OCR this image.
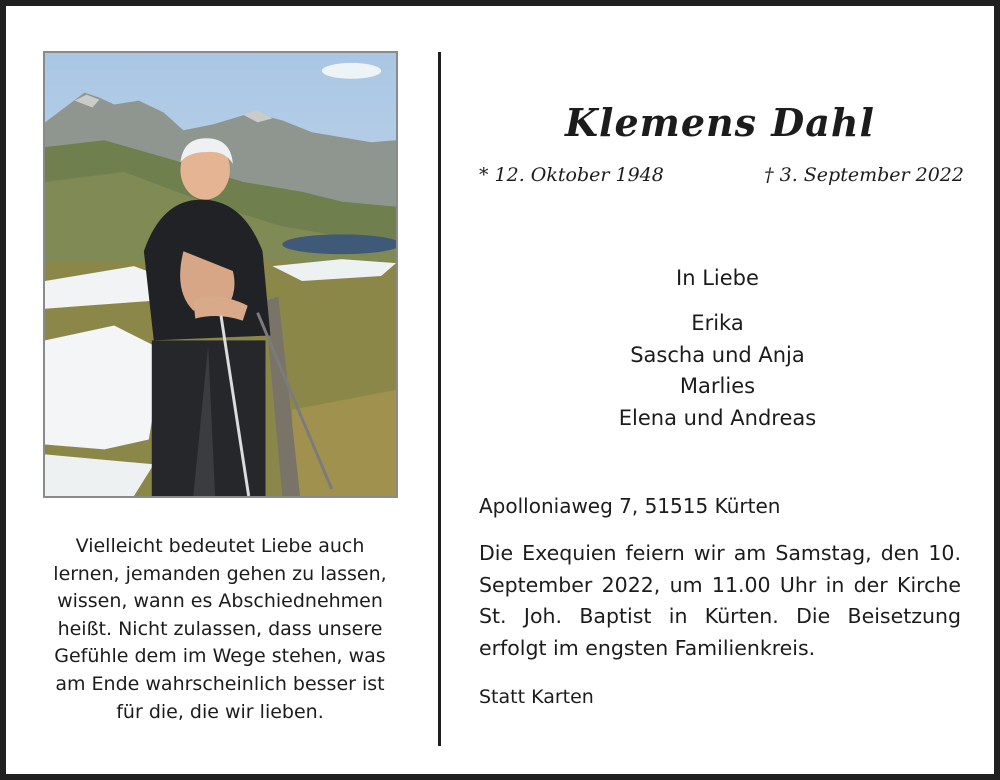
Vielleicht bedeutet Liebe auch
lernen, jemanden gehen zu lassen,
wissen, wann es Abschiednehmen
heißt. Nicht zulassen, dass unsere
Gefühle dem im Wege stehen, was
am Ende wahrscheinlich besser ist
für die, die wir lieben.

Klemens Dahl
* 12. Oktober 1948	† 3. September 2022
In Liebe
Erika
Sascha und Anja
Marlies
Elena und Andreas
Apolloniaweg 7, 51515 Kürten

Die Exequien feiern wir am Samstag, den 10. September 2022, um 11.00 Uhr in der Kirche St. Joh. Baptist in Kürten. Die Beisetzung erfolgt im engsten Familienkreis.

Statt Karten
